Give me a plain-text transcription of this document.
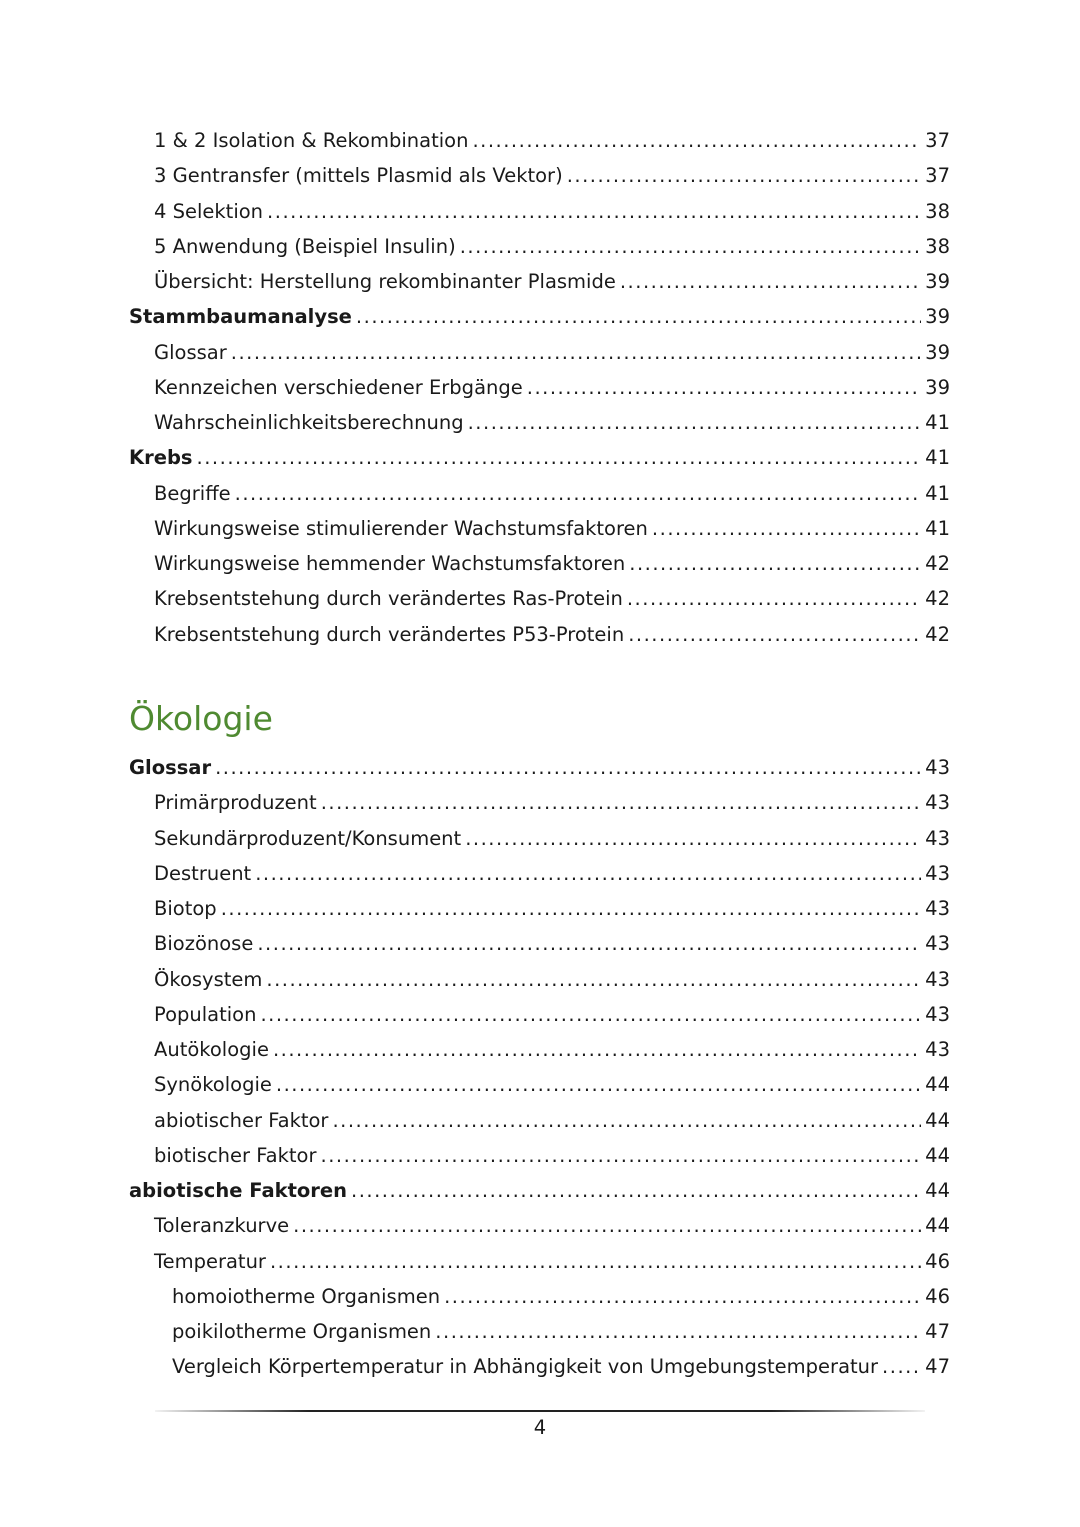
1 & 2 Isolation & Rekombination .....	37
3 Gentransfer (mittels Plasmid als Vektor) .....	37
4 Selektion .....	38
5 Anwendung (Beispiel Insulin) .....	38
Übersicht: Herstellung rekombinanter Plasmide .....	39
Stammbaumanalyse .....	39
Glossar .....	39
Kennzeichen verschiedener Erbgänge .....	39
Wahrscheinlichkeitsberechnung .....	41
Krebs .....	41
Begriffe .....	41
Wirkungsweise stimulierender Wachstumsfaktoren .....	41
Wirkungsweise hemmender Wachstumsfaktoren .....	42
Krebsentstehung durch verändertes Ras-Protein .....	42
Krebsentstehung durch verändertes P53-Protein .....	42
Ökologie
Glossar .....	43
Primärproduzent .....	43
Sekundärproduzent/Konsument .....	43
Destruent .....	43
Biotop .....	43
Biozönose .....	43
Ökosystem .....	43
Population .....	43
Autökologie .....	43
Synökologie .....	44
abiotischer Faktor .....	44
biotischer Faktor .....	44
abiotische Faktoren .....	44
Toleranzkurve .....	44
Temperatur .....	46
homoiotherme Organismen .....	46
poikilotherme Organismen .....	47
Vergleich Körpertemperatur in Abhängigkeit von Umgebungstemperatur ..... 47
4
